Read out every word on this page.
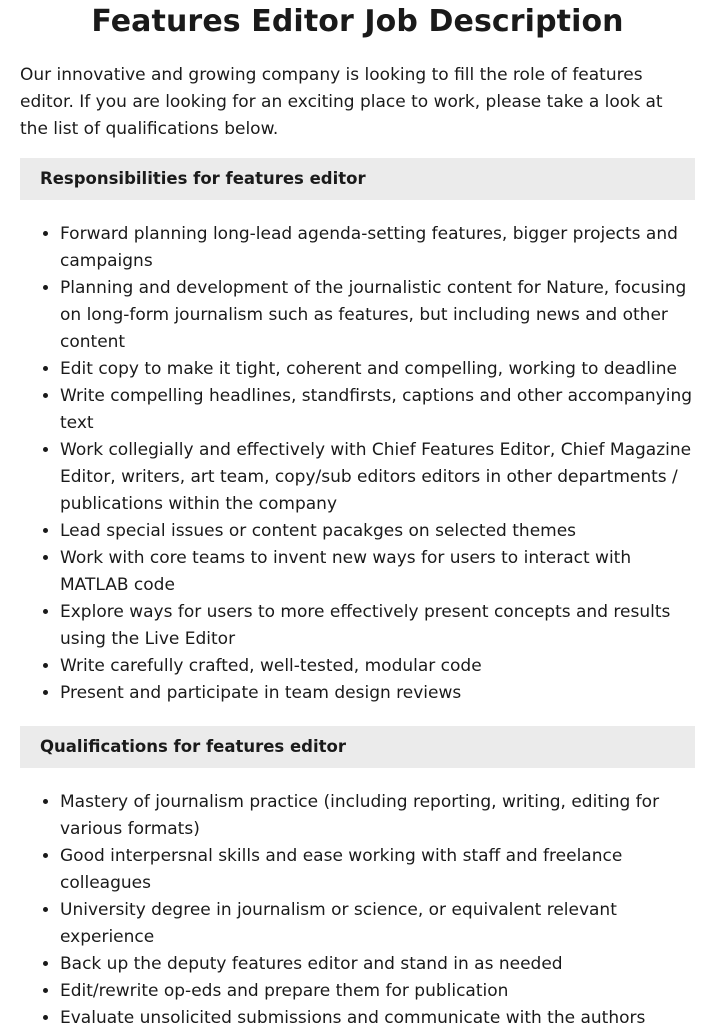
Features Editor Job Description

Our innovative and growing company is looking to fill the role of features editor. If you are looking for an exciting place to work, please take a look at the list of qualifications below.

Responsibilities for features editor
• Forward planning long-lead agenda-setting features, bigger projects and campaigns
• Planning and development of the journalistic content for Nature, focusing on long-form journalism such as features, but including news and other content
• Edit copy to make it tight, coherent and compelling, working to deadline
• Write compelling headlines, standfirsts, captions and other accompanying text
• Work collegially and effectively with Chief Features Editor, Chief Magazine Editor, writers, art team, copy/sub editors editors in other departments / publications within the company
• Lead special issues or content pacakges on selected themes
• Work with core teams to invent new ways for users to interact with MATLAB code
• Explore ways for users to more effectively present concepts and results using the Live Editor
• Write carefully crafted, well-tested, modular code
• Present and participate in team design reviews
Qualifications for features editor
• Mastery of journalism practice (including reporting, writing, editing for various formats)
• Good interpersnal skills and ease working with staff and freelance colleagues
• University degree in journalism or science, or equivalent relevant experience
• Back up the deputy features editor and stand in as needed
• Edit/rewrite op-eds and prepare them for publication
• Evaluate unsolicited submissions and communicate with the authors
